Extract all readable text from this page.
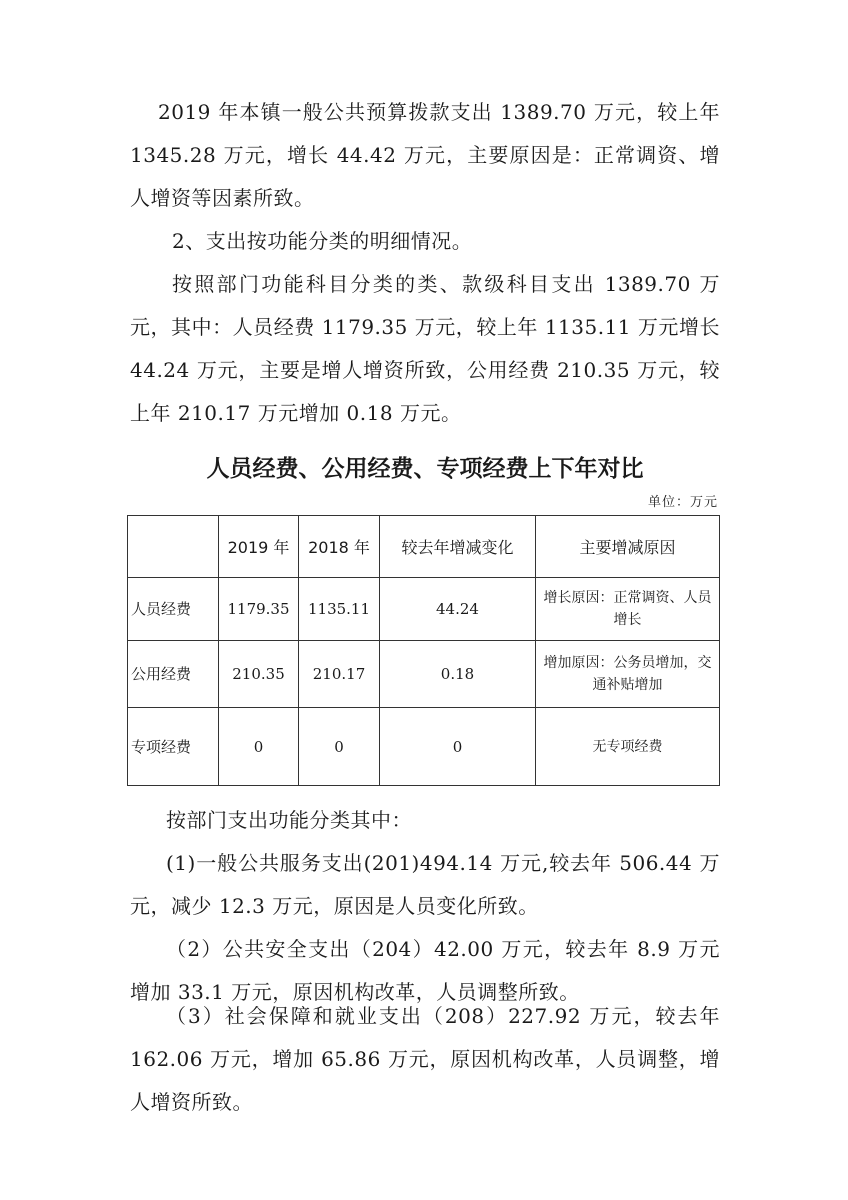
2019 年本镇一般公共预算拨款支出 1389.70 万元，较上年 1345.28 万元，增长 44.42 万元，主要原因是：正常调资、增人增资等因素所致。

2、支出按功能分类的明细情况。

按照部门功能科目分类的类、款级科目支出 1389.70 万元，其中：人员经费 1179.35 万元，较上年 1135.11 万元增长 44.24 万元，主要是增人增资所致，公用经费 210.35 万元，较上年 210.17 万元增加 0.18 万元。

人员经费、公用经费、专项经费上下年对比
单位：万元
	2019 年	2018 年	较去年增减变化	主要增减原因
人员经费	1179.35	1135.11	44.24	增长原因：正常调资、人员增长
公用经费	210.35	210.17	0.18	增加原因：公务员增加，交通补贴增加
专项经费	0	0	0	无专项经费

按部门支出功能分类其中：

(1)一般公共服务支出(201)494.14 万元,较去年 506.44 万元，减少 12.3 万元，原因是人员变化所致。

（2）公共安全支出（204）42.00 万元，较去年 8.9 万元增加 33.1 万元，原因机构改革，人员调整所致。

（3）社会保障和就业支出（208）227.92 万元，较去年 162.06 万元，增加 65.86 万元，原因机构改革，人员调整，增人增资所致。
